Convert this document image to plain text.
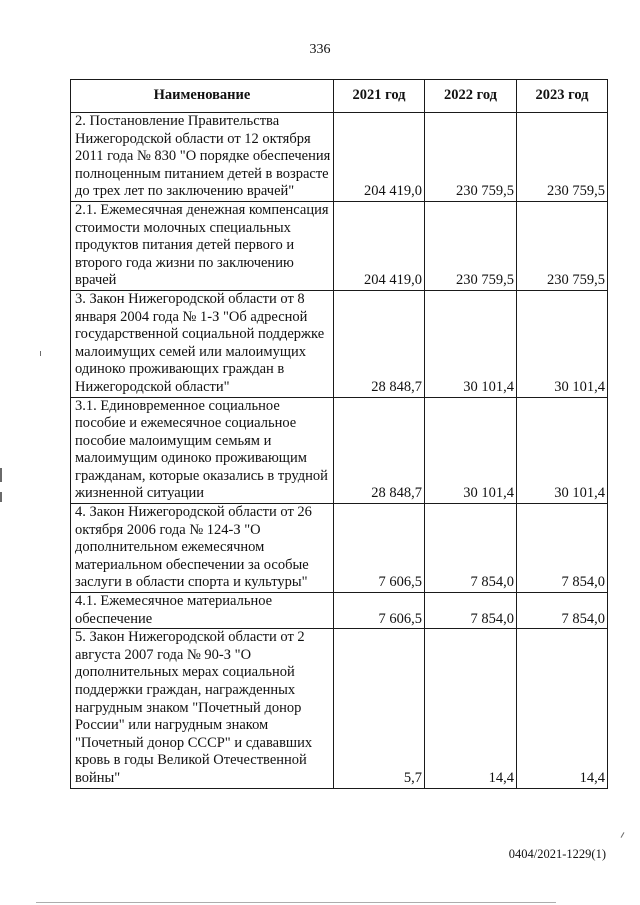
336
Наименование	2021 год	2022 год	2023 год
2. Постановление Правительства Нижегородской области от 12 октября 2011 года № 830 "О порядке обеспечения полноценным питанием детей в возрасте до трех лет по заключению врачей"	204 419,0	230 759,5	230 759,5
2.1. Ежемесячная денежная компенсация стоимости молочных специальных продуктов питания детей первого и второго года жизни по заключению врачей	204 419,0	230 759,5	230 759,5
3. Закон Нижегородской области от 8 января 2004 года № 1-З "Об адресной государственной социальной поддержке малоимущих семей или малоимущих одиноко проживающих граждан в Нижегородской области"	28 848,7	30 101,4	30 101,4
3.1. Единовременное социальное пособие и ежемесячное социальное пособие малоимущим семьям и малоимущим одиноко проживающим гражданам, которые оказались в трудной жизненной ситуации	28 848,7	30 101,4	30 101,4
4. Закон Нижегородской области от 26 октября 2006 года № 124-З "О дополнительном ежемесячном материальном обеспечении за особые заслуги в области спорта и культуры"	7 606,5	7 854,0	7 854,0
4.1. Ежемесячное материальное обеспечение	7 606,5	7 854,0	7 854,0
5. Закон Нижегородской области от 2 августа 2007 года № 90-З "О дополнительных мерах социальной поддержки граждан, награжденных нагрудным знаком "Почетный донор России" или нагрудным знаком "Почетный донор СССР" и сдававших кровь в годы Великой Отечественной войны"	5,7	14,4	14,4
0404/2021-1229(1)
